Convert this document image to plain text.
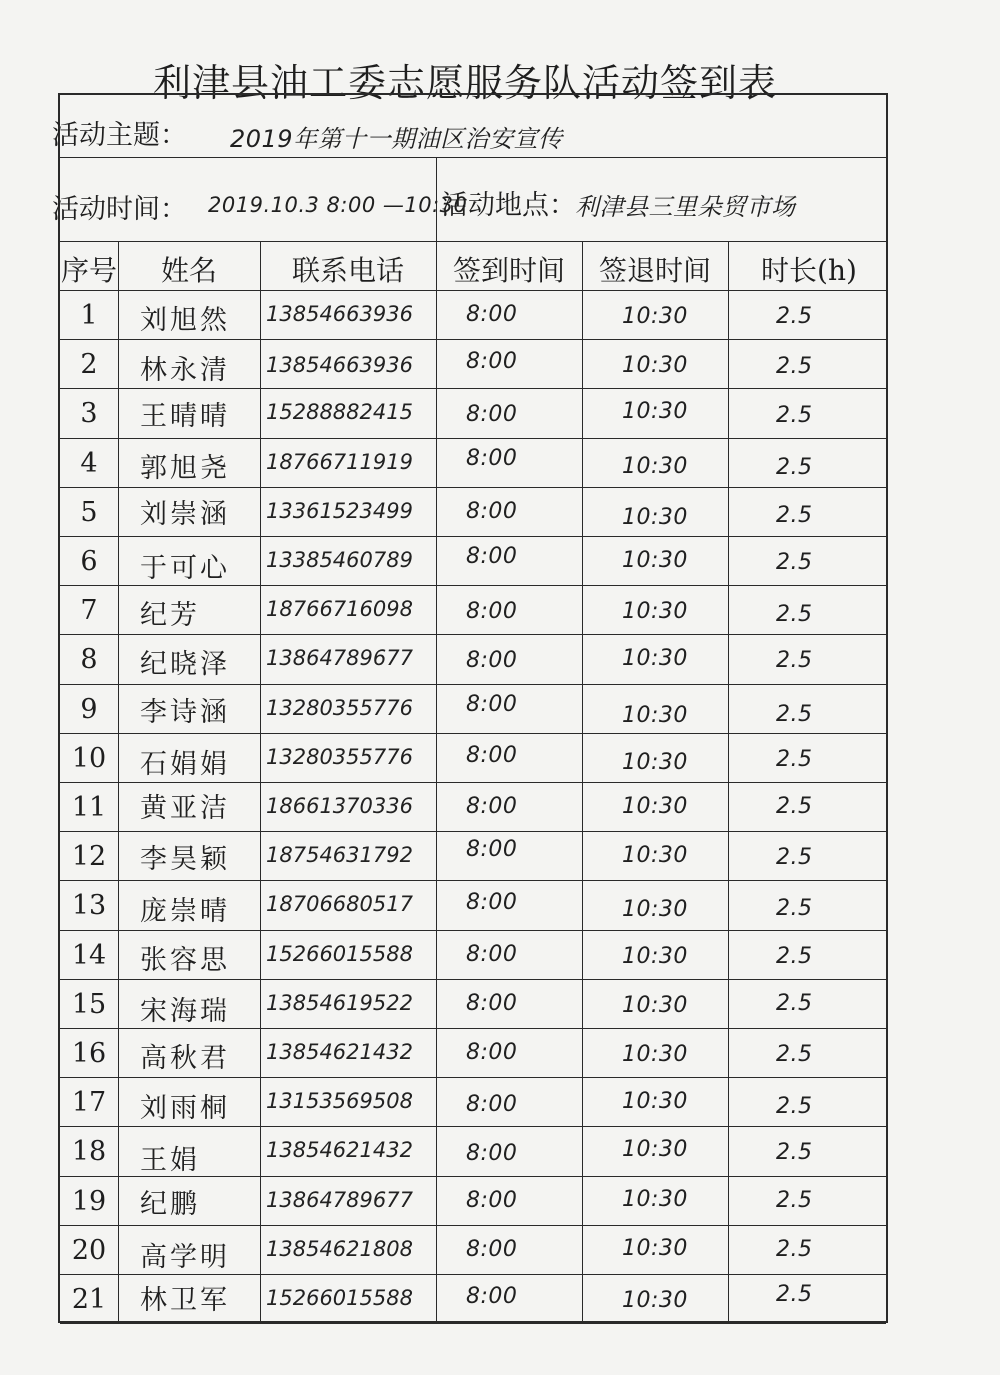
利津县油工委志愿服务队活动签到表
活动主题： 2019年第十一期油区治安宣传
活动时间： 2019.10.3 8:00 —10:30
活动地点： 利津县三里朵贸市场
序号	姓名	联系电话	签到时间	签退时间	时长(h)
1	刘旭然	13854663936	8:00	10:30	2.5
2	林永清	13854663936	8:00	10:30	2.5
3	王晴晴	15288882415	8:00	10:30	2.5
4	郭旭尧	18766711919	8:00	10:30	2.5
5	刘崇涵	13361523499	8:00	10:30	2.5
6	于可心	13385460789	8:00	10:30	2.5
7	纪芳	18766716098	8:00	10:30	2.5
8	纪晓泽	13864789677	8:00	10:30	2.5
9	李诗涵	13280355776	8:00	10:30	2.5
10	石娟娟	13280355776	8:00	10:30	2.5
11	黄亚洁	18661370336	8:00	10:30	2.5
12	李昊颖	18754631792	8:00	10:30	2.5
13	庞崇晴	18706680517	8:00	10:30	2.5
14	张容思	15266015588	8:00	10:30	2.5
15	宋海瑞	13854619522	8:00	10:30	2.5
16	高秋君	13854621432	8:00	10:30	2.5
17	刘雨桐	13153569508	8:00	10:30	2.5
18	王娟	13854621432	8:00	10:30	2.5
19	纪鹏	13864789677	8:00	10:30	2.5
20	高学明	13854621808	8:00	10:30	2.5
21	林卫军	15266015588	8:00	10:30	2.5
